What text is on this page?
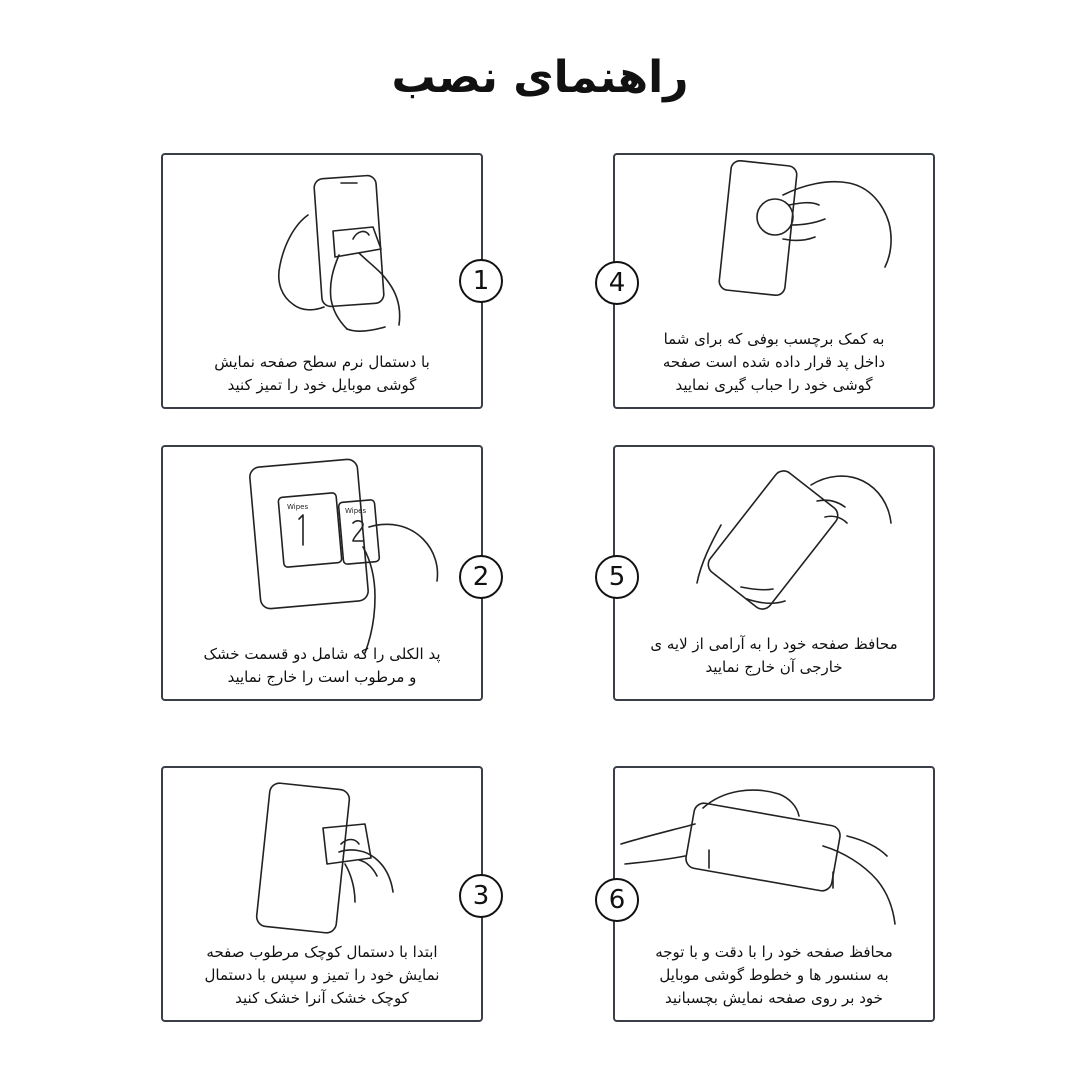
راهنمای نصب
1
با دستمال نرم سطح صفحه نمایش
گوشی موبایل خود را تمیز کنید
4
به کمک برچسب بوفی که برای شما
داخل پد قرار داده شده است صفحه
گوشی خود را حباب گیری نمایید
Wipes	Wipes
2
پد الکلی را که شامل دو قسمت خشک
و مرطوب است را خارج نمایید
5
محافظ صفحه خود را به آرامی از لایه ی
خارجی آن خارج نمایید
3
ابتدا با دستمال کوچک مرطوب صفحه
نمایش خود را تمیز و سپس با دستمال
کوچک خشک آنرا خشک کنید
6
محافظ صفحه خود را با دقت و با توجه
به سنسور ها و خطوط گوشی موبایل
خود بر روی صفحه نمایش بچسبانید
